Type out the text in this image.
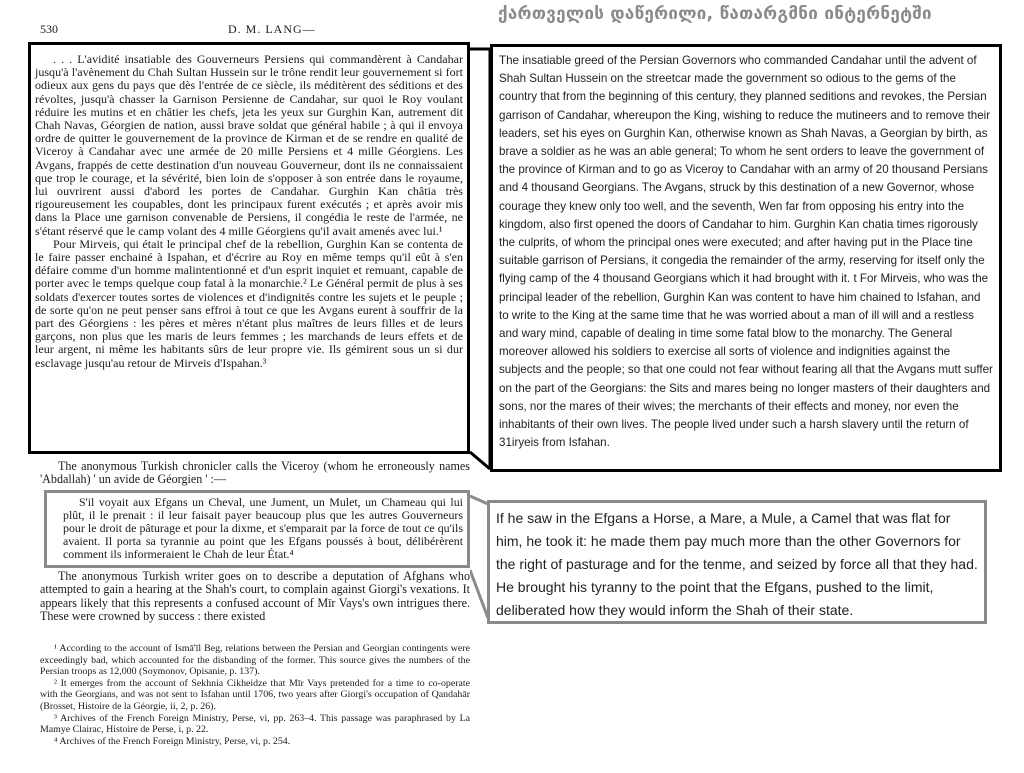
530	D. M. LANG—
ქართველის დაწერილი, წათარგმნი ინტერნეტში

. . . L'avidité insatiable des Gouverneurs Persiens qui commandèrent à Candahar jusqu'à l'avènement du Chah Sultan Hussein sur le trône rendit leur gouvernement si fort odieux aux gens du pays que dès l'entrée de ce siècle, ils méditèrent des séditions et des révoltes, jusqu'à chasser la Garnison Persienne de Candahar, sur quoi le Roy voulant réduire les mutins et en châtier les chefs, jeta les yeux sur Gurghin Kan, autrement dit Chah Navas, Géorgien de nation, aussi brave soldat que général habile ; à qui il envoya ordre de quitter le gouvernement de la province de Kirman et de se rendre en qualité de Viceroy à Candahar avec une armée de 20 mille Persiens et 4 mille Géorgiens. Les Avgans, frappés de cette destination d'un nouveau Gouverneur, dont ils ne connaissaient que trop le courage, et la sévérité, bien loin de s'opposer à son entrée dans le royaume, lui ouvrirent aussi d'abord les portes de Candahar. Gurghin Kan châtia très rigoureusement les coupables, dont les principaux furent exécutés ; et après avoir mis dans la Place une garnison convenable de Persiens, il congédia le reste de l'armée, ne s'étant réservé que le camp volant des 4 mille Géorgiens qu'il avait amenés avec lui.¹

Pour Mirveis, qui était le principal chef de la rebellion, Gurghin Kan se contenta de le faire passer enchainé à Ispahan, et d'écrire au Roy en même temps qu'il eût à s'en défaire comme d'un homme malintentionné et d'un esprit inquiet et remuant, capable de porter avec le temps quelque coup fatal à la monarchie.² Le Général permit de plus à ses soldats d'exercer toutes sortes de violences et d'indignités contre les sujets et le peuple ; de sorte qu'on ne peut penser sans effroi à tout ce que les Avgans eurent à souffrir de la part des Géorgiens : les pères et mères n'étant plus maîtres de leurs filles et de leurs garçons, non plus que les maris de leurs femmes ; les marchands de leurs effets et de leur argent, ni même les habitants sûrs de leur propre vie. Ils gémirent sous un si dur esclavage jusqu'au retour de Mirveis d'Ispahan.³

The insatiable greed of the Persian Governors who commanded Candahar until the advent of Shah Sultan Hussein on the streetcar made the government so odious to the gems of the country that from the beginning of this century, they planned seditions and revokes, the Persian garrison of Candahar, whereupon the King, wishing to reduce the mutineers and to remove their leaders, set his eyes on Gurghin Kan, otherwise known as Shah Navas, a Georgian by birth, as brave a soldier as he was an able general; To whom he sent orders to leave the government of the province of Kirman and to go as Viceroy to Candahar with an army of 20 thousand Persians and 4 thousand Georgians. The Avgans, struck by this destination of a new Governor, whose courage they knew only too well, and the seventh, Wen far from opposing his entry into the kingdom, also first opened the doors of Candahar to him. Gurghin Kan chatia times rigorously the culprits, of whom the principal ones were executed; and after having put in the Place tine suitable garrison of Persians, it congedia the remainder of the army, reserving for itself only the flying camp of the 4 thousand Georgians which it had brought with it. t For Mirveis, who was the principal leader of the rebellion, Gurghin Kan was content to have him chained to Isfahan, and to write to the King at the same time that he was worried about a man of ill will and a restless and wary mind, capable of dealing in time some fatal blow to the monarchy. The General moreover allowed his soldiers to exercise all sorts of violence and indignities against the subjects and the people; so that one could not fear without fearing all that the Avgans mutt suffer on the part of the Georgians: the Sits and mares being no longer masters of their daughters and sons, nor the mares of their wives; the merchants of their effects and money, nor even the inhabitants of their own lives. The people lived under such a harsh slavery until the return of 31iryeis from Isfahan.
The anonymous Turkish chronicler calls the Viceroy (whom he erroneously names 'Abdallah) ' un avide de Géorgien ' :—
S'il voyait aux Efgans un Cheval, une Jument, un Mulet, un Chameau qui lui plût, il le prenait : il leur faisait payer beaucoup plus que les autres Gouverneurs pour le droit de pâturage et pour la dixme, et s'emparait par la force de tout ce qu'ils avaient. Il porta sa tyrannie au point que les Efgans poussés à bout, délibérèrent comment ils informeraient le Chah de leur État.⁴
If he saw in the Efgans a Horse, a Mare, a Mule, a Camel that was flat for him, he took it: he made them pay much more than the other Governors for the right of pasturage and for the tenme, and seized by force all that they had. He brought his tyranny to the point that the Efgans, pushed to the limit, deliberated how they would inform the Shah of their state.
The anonymous Turkish writer goes on to describe a deputation of Afghans who attempted to gain a hearing at the Shah's court, to complain against Giorgi's vexations. It appears likely that this represents a confused account of Mīr Vays's own intrigues there. These were crowned by success : there existed

¹ According to the account of Ismā'īl Beg, relations between the Persian and Georgian contingents were exceedingly bad, which accounted for the disbanding of the former. This source gives the numbers of the Persian troops as 12,000 (Soymonov, Opisanie, p. 137).

² It emerges from the account of Sekhnia Cikheidze that Mīr Vays pretended for a time to co-operate with the Georgians, and was not sent to Isfahan until 1706, two years after Giorgi's occupation of Qandahār (Brosset, Histoire de la Géorgie, ii, 2, p. 26).

³ Archives of the French Foreign Ministry, Perse, vi, pp. 263–4. This passage was paraphrased by La Mamye Clairac, Histoire de Perse, i, p. 22.

⁴ Archives of the French Foreign Ministry, Perse, vi, p. 254.
